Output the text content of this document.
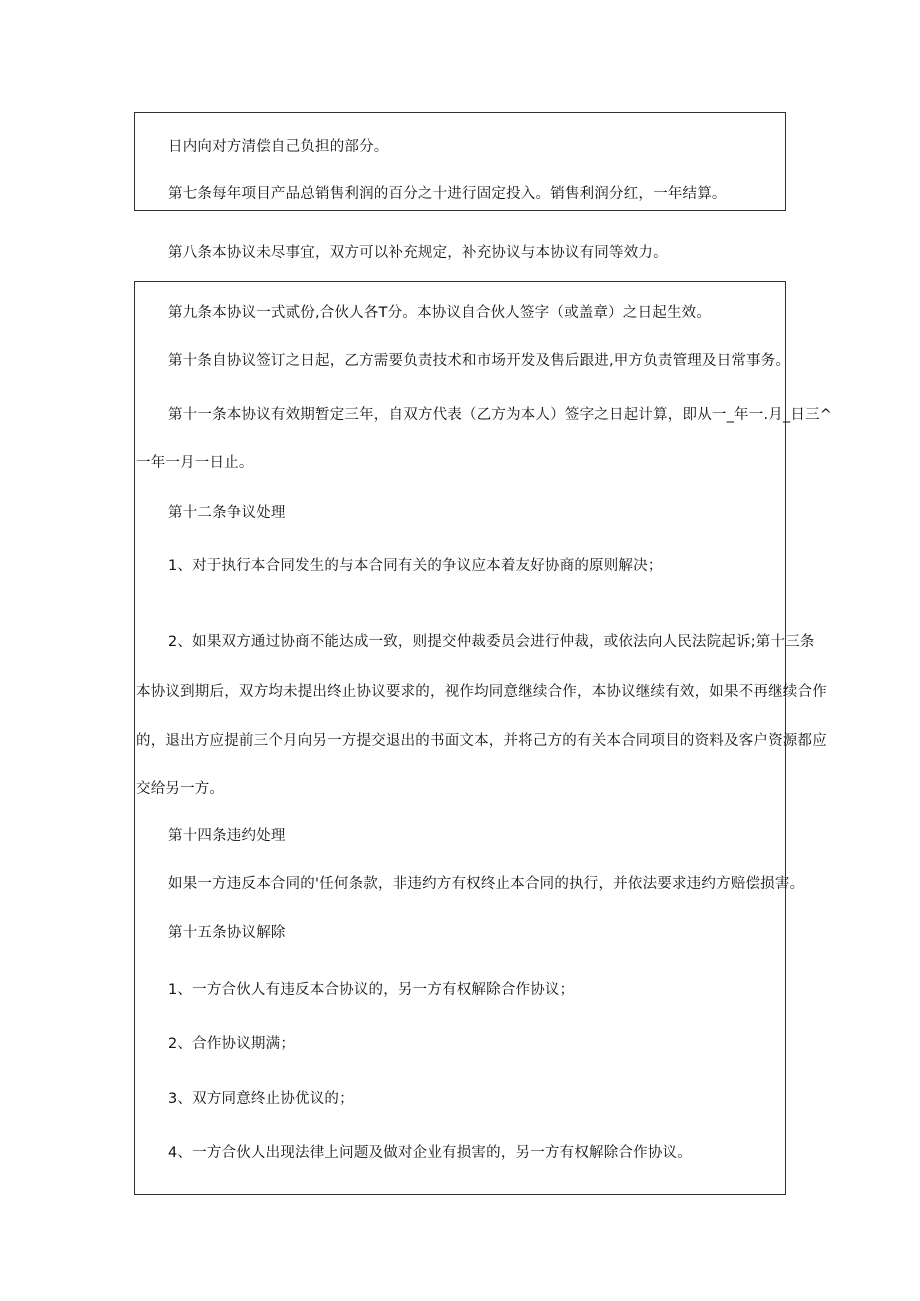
日内向对方清偿自己负担的部分。
第七条每年项目产品总销售利润的百分之十进行固定投入。销售利润分红，一年结算。
第八条本协议未尽事宜，双方可以补充规定，补充协议与本协议有同等效力。
第九条本协议一式贰份,合伙人各T分。本协议自合伙人签字（或盖章）之日起生效。
第十条自协议签订之日起，乙方需要负责技术和市场开发及售后跟进,甲方负责管理及日常事务。
第十一条本协议有效期暂定三年，自双方代表（乙方为本人）签字之日起计算，即从一_年一.月_日三^
一年一月一日止。
第十二条争议处理
1、对于执行本合同发生的与本合同有关的争议应本着友好协商的原则解决；
2、如果双方通过协商不能达成一致，则提交仲裁委员会进行仲裁，或依法向人民法院起诉;第十三条
本协议到期后，双方均未提出终止协议要求的，视作均同意继续合作，本协议继续有效，如果不再继续合作
的，退出方应提前三个月向另一方提交退出的书面文本，并将己方的有关本合同项目的资料及客户资源都应
交给另一方。
第十四条违约处理
如果一方违反本合同的'任何条款，非违约方有权终止本合同的执行，并依法要求违约方赔偿损害。
第十五条协议解除
1、一方合伙人有违反本合协议的，另一方有权解除合作协议；
2、合作协议期满；
3、双方同意终止协优议的；
4、一方合伙人出现法律上问题及做对企业有损害的，另一方有权解除合作协议。
